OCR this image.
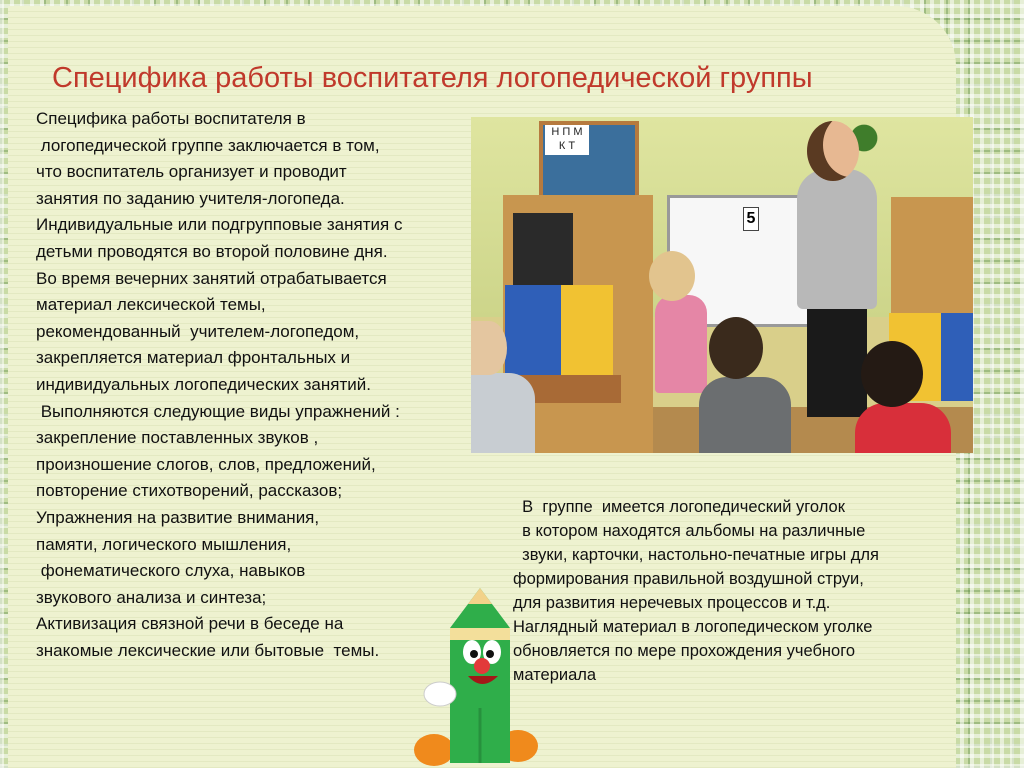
Специфика работы воспитателя логопедической группы
Специфика работы воспитателя в
логопедической группе заключается в том,
что воспитатель организует и проводит
занятия по заданию учителя-логопеда.
Индивидуальные или подгрупповые занятия с
детьми проводятся во второй половине дня.
Во время вечерних занятий отрабатывается
материал лексической темы,
рекомендованный  учителем-логопедом,
закрепляется материал фронтальных и
индивидуальных логопедических занятий.
Выполняются следующие виды упражнений :
закрепление поставленных звуков ,
произношение слогов, слов, предложений,
повторение стихотворений, рассказов;
Упражнения на развитие внимания,
памяти, логического мышления,
фонематического слуха, навыков
звукового анализа и синтеза;
Активизация связной речи в беседе на
знакомые лексические или бытовые  темы.
Н П М
К Т
5
В  группе  имеется логопедический уголок
в котором находятся альбомы на различные
звуки, карточки, настольно-печатные игры для
формирования правильной воздушной струи,
для развития неречевых процессов и т.д.
Наглядный материал в логопедическом уголке
обновляется по мере прохождения учебного
материала
